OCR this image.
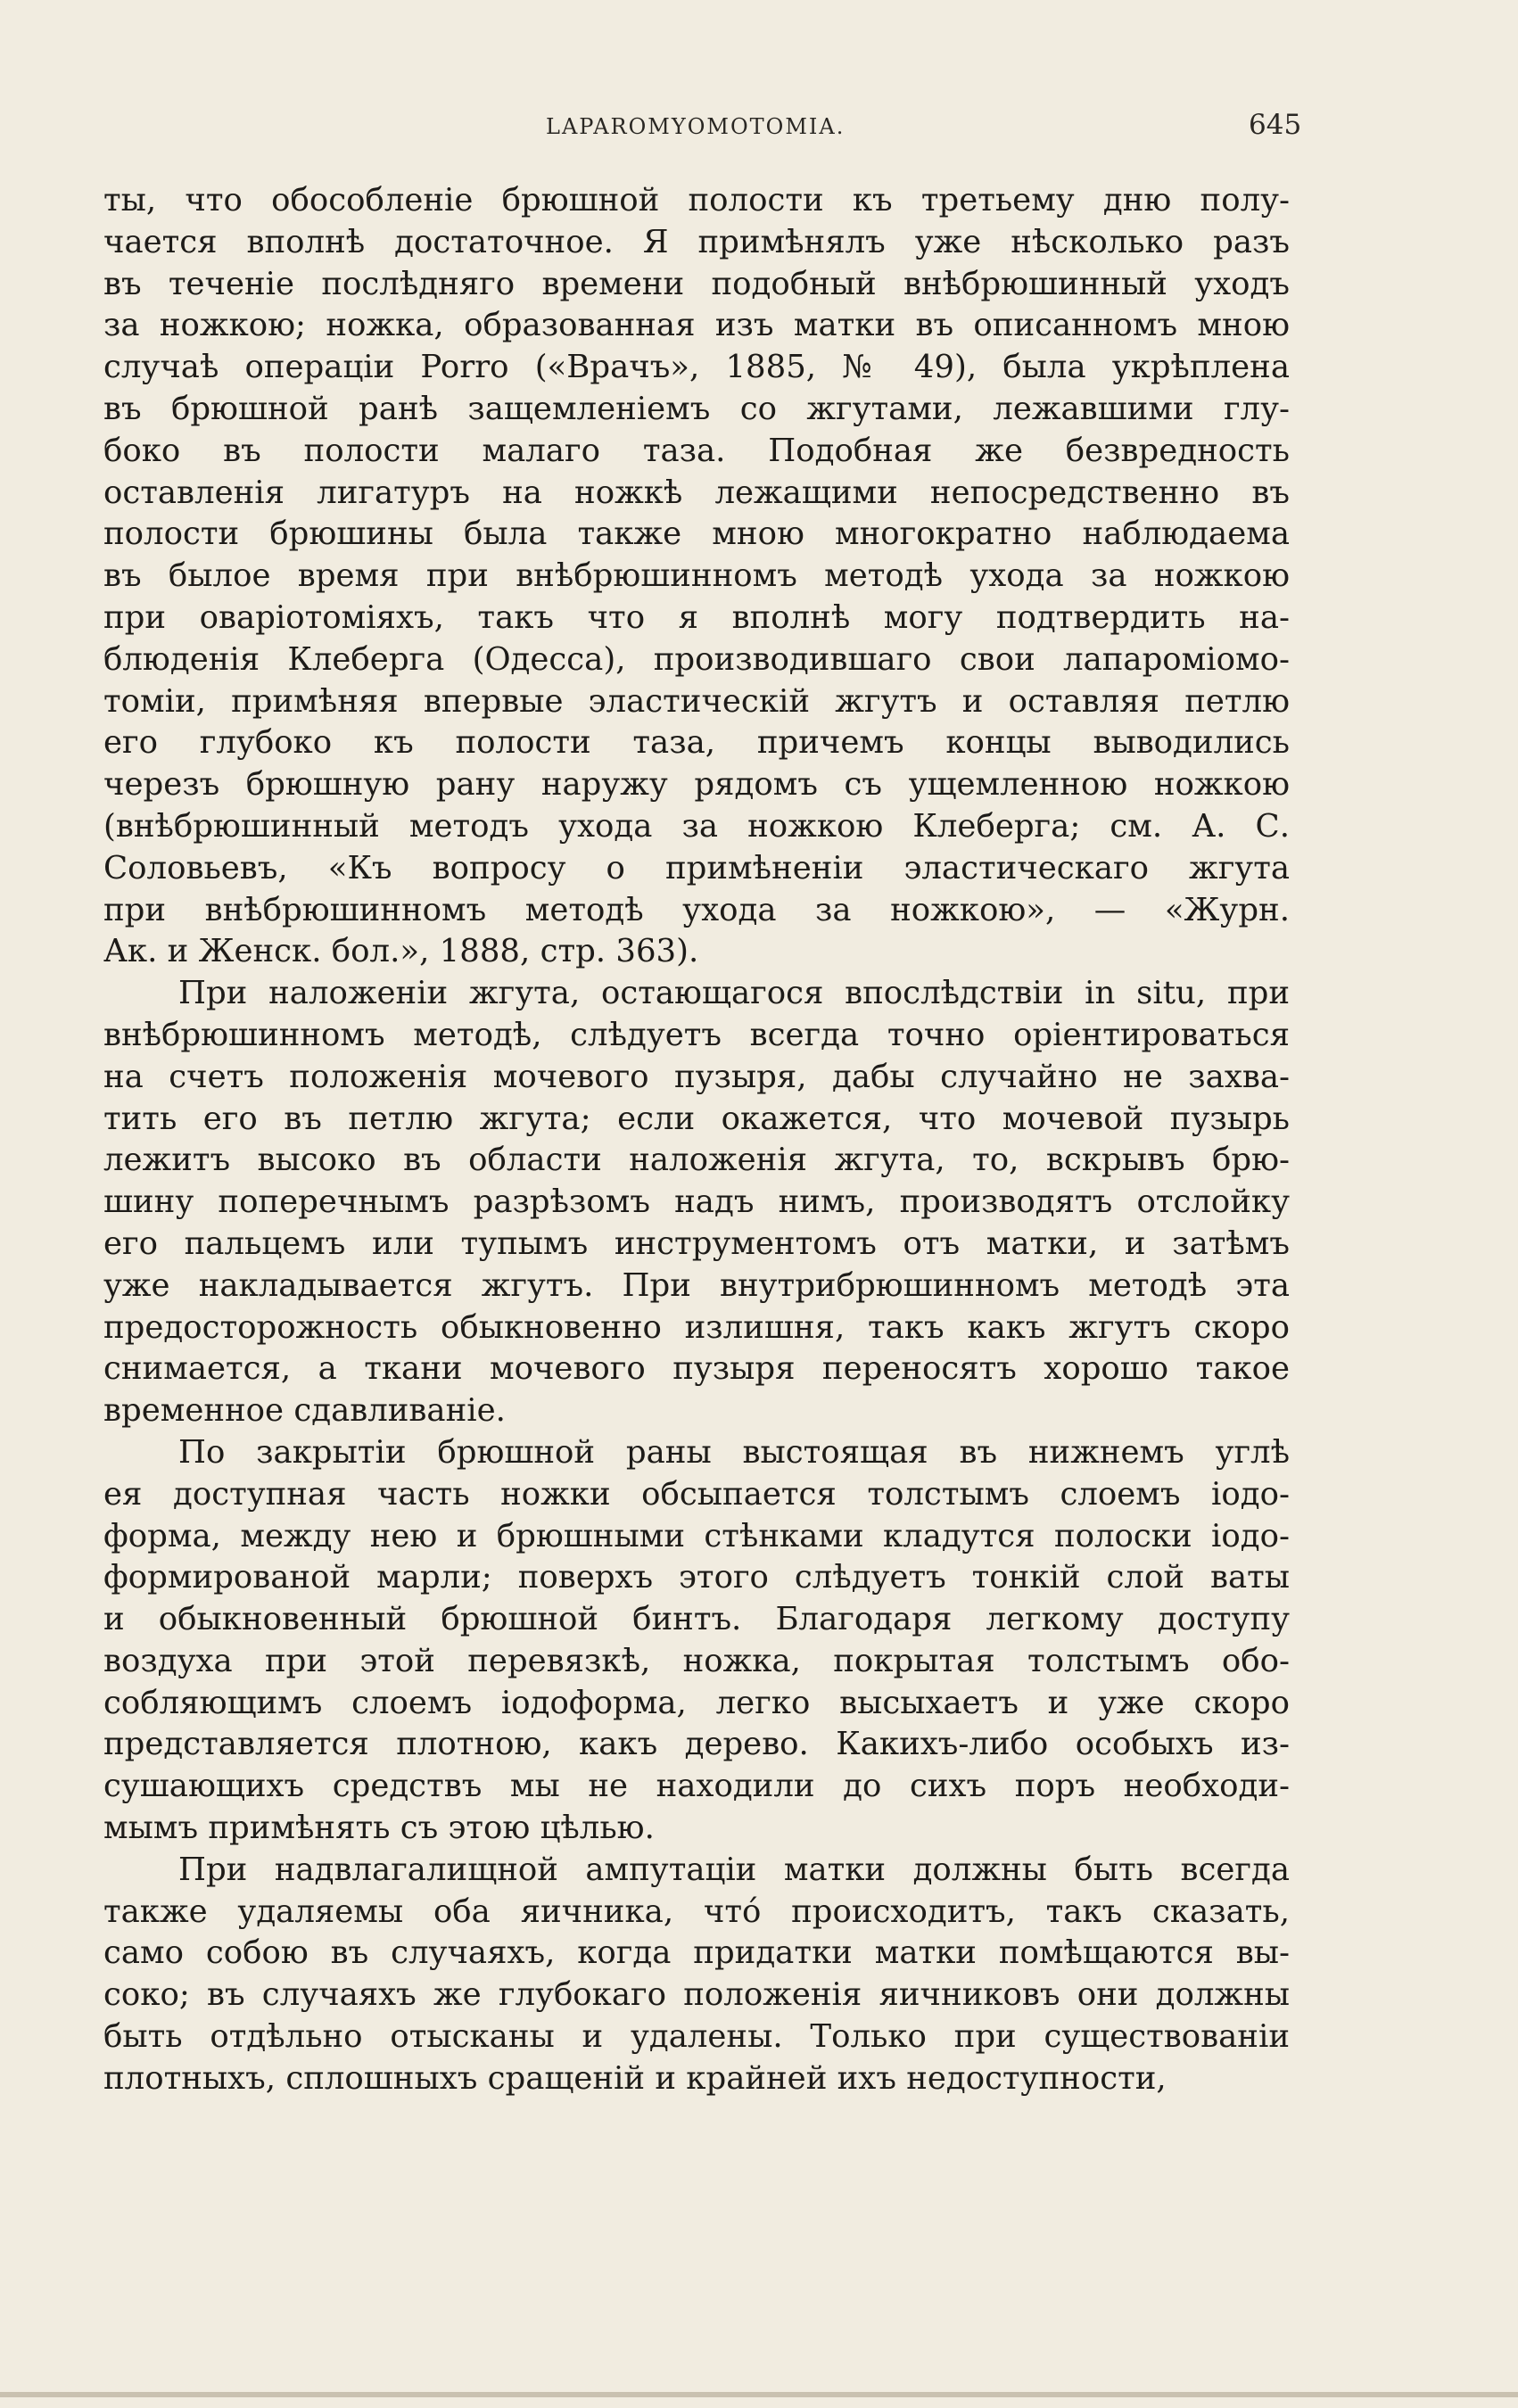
LAPAROMYOMOTOMIA.	645
ты, что обособленіе брюшной полости къ третьему дню полу-
чается вполнѣ достаточное. Я примѣнялъ уже нѣсколько разъ
въ теченіе послѣдняго времени подобный внѣбрюшинный уходъ
за ножкою; ножка, образованная изъ матки въ описанномъ мною
случаѣ операціи Porro («Врачъ», 1885, № 49), была укрѣплена
въ брюшной ранѣ защемленіемъ со жгутами, лежавшими глу-
боко въ полости малаго таза. Подобная же безвредность
оставленія лигатуръ на ножкѣ лежащими непосредственно въ
полости брюшины была также мною многократно наблюдаема
въ былое время при внѣбрюшинномъ методѣ ухода за ножкою
при оваріотоміяхъ, такъ что я вполнѣ могу подтвердить на-
блюденія Клеберга (Одесса), производившаго свои лапароміомо-
томіи, примѣняя впервые эластическій жгутъ и оставляя петлю
его глубоко къ полости таза, причемъ концы выводились
черезъ брюшную рану наружу рядомъ съ ущемленною ножкою
(внѣбрюшинный методъ ухода за ножкою Клеберга; см. А. С.
Соловьевъ, «Къ вопросу о примѣненіи эластическаго жгута
при внѣбрюшинномъ методѣ ухода за ножкою», — «Журн.
Ак. и Женск. бол.», 1888, стр. 363).
При наложеніи жгута, остающагося впослѣдствіи in situ, при
внѣбрюшинномъ методѣ, слѣдуетъ всегда точно оріентироваться
на счетъ положенія мочевого пузыря, дабы случайно не захва-
тить его въ петлю жгута; если окажется, что мочевой пузырь
лежитъ высоко въ области наложенія жгута, то, вскрывъ брю-
шину поперечнымъ разрѣзомъ надъ нимъ, производятъ отслойку
его пальцемъ или тупымъ инструментомъ отъ матки, и затѣмъ
уже накладывается жгутъ. При внутрибрюшинномъ методѣ эта
предосторожность обыкновенно излишня, такъ какъ жгутъ скоро
снимается, а ткани мочевого пузыря переносятъ хорошо такое
временное сдавливаніе.
По закрытіи брюшной раны выстоящая въ нижнемъ углѣ
ея доступная часть ножки обсыпается толстымъ слоемъ іодо-
форма, между нею и брюшными стѣнками кладутся полоски іодо-
формированой марли; поверхъ этого слѣдуетъ тонкій слой ваты
и обыкновенный брюшной бинтъ. Благодаря легкому доступу
воздуха при этой перевязкѣ, ножка, покрытая толстымъ обо-
собляющимъ слоемъ іодоформа, легко высыхаетъ и уже скоро
представляется плотною, какъ дерево. Какихъ-либо особыхъ из-
сушающихъ средствъ мы не находили до сихъ поръ необходи-
мымъ примѣнять съ этою цѣлью.
При надвлагалищной ампутаціи матки должны быть всегда
также удаляемы оба яичника, что́ происходитъ, такъ сказать,
само собою въ случаяхъ, когда придатки матки помѣщаются вы-
соко; въ случаяхъ же глубокаго положенія яичниковъ они должны
быть отдѣльно отысканы и удалены. Только при существованіи
плотныхъ, сплошныхъ сращеній и крайней ихъ недоступности,
